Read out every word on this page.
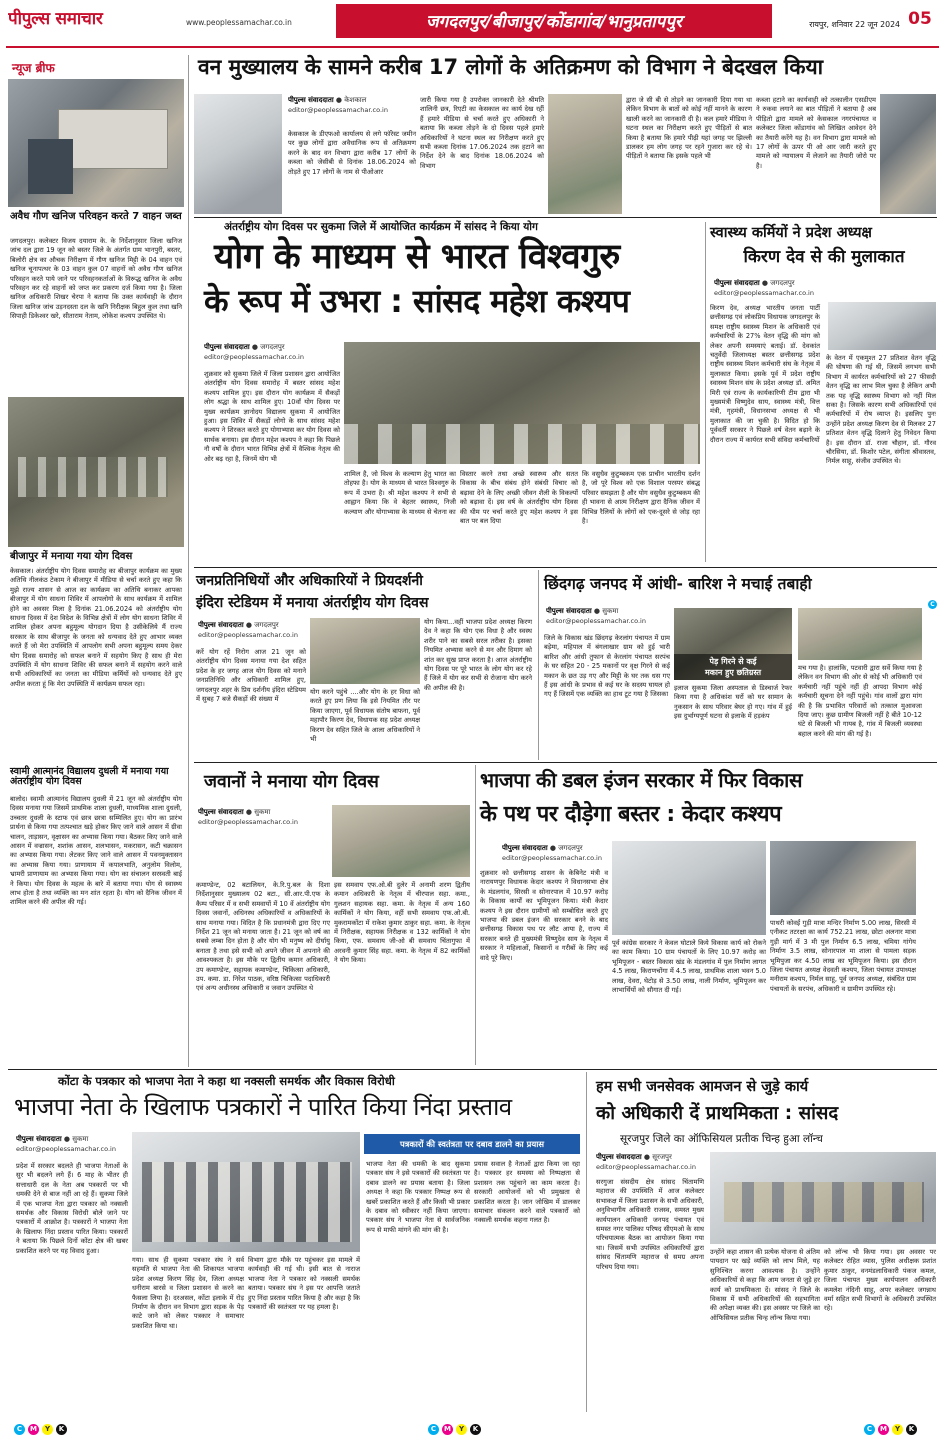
पीपुल्स समाचार	www.peoplessamachar.co.in	जगदलपुर/बीजापुर/कोंडागांव/भानुप्रतापपुर	रायपुर, शनिवार 22 जून 2024 05
न्यूज ब्रीफ
अवैध गौण खनिज परिवहन करते 7 वाहन जब्त
जगदलपुर। कलेक्टर विजय दयाराम के. के निर्देशानुसार जिला खनिज जांच दल द्वारा 19 जून को बस्तर जिले के अंतर्गत ग्राम भानपुरी, बस्तर, बिलोरी क्षेत्र का औचक निरीक्षण में गौण खनिज मिट्टी के 04 वाहन एवं खनिज चूनापत्थर के 03 वाहन कुल 07 वाहनों को अवैध गौण खनिज परिवहन करते पाये जाने पर परिवहनकर्ताओं के विरूद्ध खनिज के अवैध परिवहन कर रहे वाहनों को जप्त कर प्रकरण दर्ज किया गया है। जिला खनिज अधिकारी शिखर चेरपा ने बताया कि उक्त कार्यवाही के दौरान जिला खनिज जांच उड़नदस्ता दल के खनि निरीक्षक बिहुल कुल तथा खनि सिपाही डिकेश्वर खरे, सीताराम नेताम, लोकेश कश्यप उपस्थित थे।
बीजापुर में मनाया गया योग दिवस
केसकाल। अंतर्राष्ट्रीय योग दिवस समारोह का बीजापुर कार्यक्रम का मुख्य अतिथि नीलकंठ टेकाम ने बीजापुर में मीडिया से चर्चा करते हुए कहा कि मुझे राज्य शासन से आज का कार्यक्रम का अतिथि बनाकर आपका बीजापुर में योग साधना शिविर में आपलोगो के साथ कार्यक्रम में शामिल होने का अवसर मिला है दिनांक 21.06.2024 को अंतर्राष्ट्रीय योग साधना दिवस में देश विदेश के विभिन्न क्षेत्रों में लोग योग साधना शिविर में शामिल होकर अपना बहुमूल्य योगदान दिया है उसीकेलिये मैं राज्य सरकार के साथ बीजापुर के जनता को धन्यवाद देते हुए आभार व्यक्त करते हैं जो मेरा उपस्थिति में आपलोग सभी अपना बहुमूल्य समय देकर योग दिवस समारोह को सफल बनाने में सहयोग किए है साथ ही मेरा उपस्थिति में योग साधना शिविर की सफल बनाने में सहयोग करने वाले सभी अधिकारियों का जनता का मीडिया कर्मियों को धन्यवाद देते हुए अपील करता हूं कि मेरा उपस्थिति में कार्यक्रम सफल रहा।
स्वामी आत्मानंद विद्यालय दुधली में मनाया गया अंतर्राष्ट्रीय योग दिवस
बालोद। स्वामी आत्मानंद विद्यालय दुधली में 21 जून को अंतर्राष्ट्रीय योग दिवस मनाया गया जिसमें प्राथमिक शाला दुधली, माध्यमिक शाला दुधली, उच्चतर दुधली के स्टाफ एवं छात्र छात्रा सम्मिलित हुए। योग का प्रारंभ प्रार्थना से किया गया तत्पश्चात खड़े होकर किए जाने वाले आसन में ग्रीवा चालन, ताड़ासन, वृक्षासन का अभ्यास किया गया। बैठकर किए जाने वाले आसन में वज्रासन, शशांक आसन, शलभासन, मकरासन, कटी चक्रासन का अभ्यास किया गया। लेटकर किए जाने वाले आसन में पवनमुक्तासन का अभ्यास किया गया। प्राणायाम में कपालभाति, अनुलोम विलोम, भ्रामरी प्राणायाम का अभ्यास किया गया। योग का संचालन सरस्वती बाई ने किया। योग दिवस के महत्व के बारे में बताया गया। योग से स्वास्थ्य लाभ होता है तथा व्यक्ति का मन शांत रहता है। योग को दैनिक जीवन में शामिल करने की अपील की गई।
वन मुख्यालय के सामने करीब 17 लोगों के अतिक्रमण को विभाग ने बेदखल किया
पीपुल्स संवाददाता ● केशकाल
editor@peoplessamachar.co.in
केसकाल के डीएफओ कार्यालय से लगे फॉरेस्ट जमीन पर कुछ लोगों द्वारा अवैधानिक रूप से अतिक्रमण करने के बाद वन विभाग द्वारा करीब 17 लोगों के कब्जा को जेसीबी से दिनांक 18.06.2024 को तोड़ते हुए 17 लोगों के नाम से पीओआर
जारी किया गया है उपरोक्त जानकारी देते श्रीमति शालिनी छत्र, रिएटी का केसकाल का कार्य देख रहीं हैं हमारे मीडिया से चर्चा करते हुए अधिकारी ने बताया कि कब्जा तोड़ने के दो दिवस पहले हमारे अधिकारियों ने घटना स्थल का निरीक्षण करते हुए सभी कब्जा दिनांक 17.06.2024 तक हटाने का निर्देश देने के बाद दिनांक 18.06.2024 को विभाग
द्वारा जे सी बी से तोड़ने का जानकारी दिया गया था लेकिन विभाग के बातों को कोई नहीं मानने के कारण खाली करने का जानकारी दी है। कल हमारे मीडिया ने घटना स्थल का निरीक्षण करते हुए पीड़ितों से बात किया है बताया कि हमारे पीढ़ी यहां जगह पर झिल्ली डालकर हम लोग जगह पर रहने गुजारा कर रहे थे। पीड़ितों ने बताया कि इसके पहले भी
कब्जा हटाने का कार्यवाही को तत्कालीन एसडीएम ने रुकवा लगाने का बात पीड़ितों ने बताया है अब पीड़ितो द्वारा मामले को केसकाल नगरपंचायत व कलेक्टर जिला कोंडागांव को लिखित आवेदन देने का तैयारी करेंगे यह है। वन विभाग द्वारा मामले को 17 लोगों के ऊपर पी ओ आर जारी करते हुए मामले को न्यायालय में लेजाने का तैयारी जोरो पर है।
अंतर्राष्ट्रीय योग दिवस पर सुकमा जिले में आयोजित कार्यक्रम में सांसद ने किया योग
योग के माध्यम से भारत विश्वगुरु
के रूप में उभरा : सांसद महेश कश्यप
पीपुल्स संवाददाता ● जगदलपुर
editor@peoplessamachar.co.in
शुक्रवार को सुकमा जिले में जिला प्रशासन द्वारा आयोजित अंतर्राष्ट्रीय योग दिवस समारोह में बस्तर सांसद महेश कश्यप शामिल हुए। इस दौरान योग कार्यक्रम में सैकड़ों लोग श्रद्धा के साथ शामिल हुए। 10वाँ योग दिवस पर मुख्य कार्यक्रम ज्ञानोदय विद्यालय सुकमा में आयोजित हुआ। इस शिविर में सैकड़ों लोगो के साथ सांसद महेश कश्यप ने शिरकत करते हुए योगाभ्यास कर योग दिवस को सार्थक बनाया। इस दौरान महेश कश्यप ने कहा कि पिछले नौ वर्षों के दौरान भारत विभिन्न क्षेत्रों में वैश्विक नेतृत्व की ओर बढ़ रहा है, जिनमें योग भी
शामिल है, जो विश्व के कल्याण हेतु भारत का तोहफा है। योग के माध्यम से भारत विश्वगुरु के रूप में उभरा है। श्री महेश कश्यप ने सभी से आह्वान किया कि वे बेहतर स्वास्थ्य, निजी कल्याण और योगाभ्यास के माध्यम से चेतना का
विस्तार करने तथा अच्छे स्वास्थ्य और सतत विकास के बीच संबंध होने संबंधी विचार को बढ़ावा देने के लिए अच्छी जीवन शैली के विकल्पों को बढ़ावा दें। इस वर्ष के अंतर्राष्ट्रीय योग दिवस की थीम पर चर्चा करते हुए महेश कश्यप ने इस बात पर बल दिया
कि वसुधैव कुटुम्बकम एक प्राचीन भारतीय दर्शन है, जो पूरे विश्व को एक विशाल परस्पर संबद्ध परिवार समझता है और योग वसुधैव कुटुम्बकम की ही भावना से आत्म निरीक्षण द्वारा दैनिक जीवन में विभिन्न रैलियों के लोगों को एक-दूसरे से जोड़ रहा है।
स्वास्थ्य कर्मियों ने प्रदेश अध्यक्ष
किरण देव से की मुलाकात
पीपुल्स संवाददाता ● जगदलपुर
editor@peoplessamachar.co.in
किरण देव, अध्यक्ष भारतीय जनता पार्टी छत्तीसगढ़ एवं लोकप्रिय विधायक जगदलपुर के समक्ष राष्ट्रीय स्वास्थ्य मिशन के अधिकारी एवं कर्मचारियों के 27% वेतन वृद्धि की मांग को लेकर अपनी समस्याएं बताई। डॉ. देवकांत चतुर्वेदी जिलाध्यक्ष बस्तर छत्तीसगढ़ प्रदेश राष्ट्रीय स्वास्थ्य मिशन कर्मचारी संघ के नेतृत्व में मुलाकात किया। इसके पूर्व में प्रदेश राष्ट्रीय स्वास्थ्य मिशन संघ के प्रदेश अध्यक्ष डॉ. अमित मिरी एवं राज्य के कार्यकारिणी टीम द्वारा भी मुख्यमंत्री विष्णुदेव साय, स्वास्थ्य मंत्री, वित्त मंत्री, गृहमंत्री, विधानसभा अध्यक्ष से भी मुलाकात की जा चुकी है। विदित हो कि पूर्ववर्ती सरकार ने पिछले वर्ष वेतन बढ़ाने के दौरान राज्य में कार्यरत सभी संविदा कर्मचारियों
के वेतन में एकमुश्त 27 प्रतिशत वेतन वृद्धि की घोषणा की गई थी, जिसमें लगभग सभी विभाग में कार्यरत कर्मचारियों को 27 फीसदी वेतन वृद्धि का लाभ मिल चुका है लेकिन अभी तक यह वृद्धि स्वास्थ्य विभाग को नहीं मिल सका है। जिसके कारण सभी अधिकारियों एवं कर्मचारियों में रोष व्याप्त है। इसलिए पुनः उन्होंने प्रदेश अध्यक्ष किरण देव से मिलकर 27 प्रतिशत वेतन वृद्धि दिलाने हेतु निवेदन किया है। इस दौरान डॉ. राजा चौहान, डॉ. गौरव चौरसिया, डॉ. किशोर पटेल, संगीता श्रीवास्तव, निर्मल साहू, संजीव उपस्थित थे।
जनप्रतिनिधियों और अधिकारियों ने प्रियदर्शनी
इंदिरा स्टेडियम में मनाया अंतर्राष्ट्रीय योग दिवस
पीपुल्स संवाददाता ● जगदलपुर
editor@peoplessamachar.co.in
करें योग रहें निरोग आज 21 जून को अंतर्राष्ट्रीय योग दिवस मनाया गया देश सहित प्रदेश के हर जगह आज योग दिवस को मनाने जनप्रतिनिधि और अधिकारी शामिल हुए, जगदलपुर शहर के प्रिय दर्शनीय इंदिरा स्टेडियम में सुबह 7 बजे सैकड़ों की संख्या में
योग करने पहुंचे ....और योग के हर विधा को करते हुए प्रण लिया कि इसे नियमित तौर पर किया जाएगा, पूर्व विधायक संतोष बाफना, पूर्व महापौर किरण देव, विधायक सह प्रदेश अध्यक्ष किरण देव सहित जिले के आला अधिकारियों ने भी
योग किया...वहीं भाजपा प्रदेश अध्यक्ष किरण देव ने कहा कि योग एक विधा है और स्वस्थ शरीर पाने का सबसे सरल तरीका है। इसका नियमित अभ्यास करने से मन और दिमाग को शांत कर सुख प्राप्त करता है। आज अंतर्राष्ट्रीय योग दिवस पर पूरे भारत के लोग योग कर रहे हैं जिले में योग कर सभी से रोजाना योग करने की अपील की है।
छिंदगढ़ जनपद में आंधी- बारिश ने मचाई तबाही
पीपुल्स संवाददाता ● सुकमा
editor@peoplessamachar.co.in
जिले के विकास खंड छिंदगढ़ केरलांग पंचायत में ग्राम बड़ेमा, महिपाल में बंगलाखार ग्राम को हुई भारी बारिश और आंधी तुफान से केरलांग पंचायत सरपंच के घर सहित 20 - 25 मकानों पर वृक्ष गिरने से कई मकान के छत उड़ गए और मिट्टी के घर तक धस गए हैं इस आंधी के प्रभाव से कई घर के सदस्य घायल हो गए हैं जिसमें एक व्यक्ति का हाथ टूट गया है जिसका
पेड़ गिरने से कई
मकान हुए छतिग्रस्त
इलाज सुकमा जिला अस्पताल से डिस्चार्ज रेफर किया गया है अधिकांश घरों को घर सामान के नुकसान के साथ परिवार बेघर हो गए। गांव में हुई इस दुर्भाग्यपूर्ण घटना से इलाके में हड़कंप
मच गया है। हालांकि, पटवारी द्वारा सर्वे किया गया है लेकिन वन विभाग की ओर से कोई भी अधिकारी एवं कर्मचारी नहीं पहुंचे नहीं ही आपदा विभाग कोई कर्मचारी सूचना देने नहीं पहुंचे। गांव वालों द्वारा मांग की है कि प्रभावित परिवारों को तत्काल मुआवजा दिया जाए। कुछ ग्रामीण बिजली नहीं है बीते 10-12 घंटे से बिजली भी गायब है, गांव में बिजली व्यवस्था बहाल करने की मांग की गई है।
C
जवानों ने मनाया योग दिवस
पीपुल्स संवाददाता ● सुकमा
editor@peoplessamachar.co.in
कमाण्डेन्ट, 02 बटालियन, के.रि.पु.बल के दिशा निर्देशानुसार मुख्यालय 02 बटा., सी.आर.पी.एफ के कैम्प परिसर में व सभी समवायों में 10 वें अंतर्राष्ट्रीय योग दिवस जवानों, अधिनस्थ अधिकारियों व अधिकारियों के साथ मनाया गया। विदित है कि प्रधानमंत्री द्वारा दिए गए निर्देश 21 जून को मनाया जाता है। 21 जून को वर्ष का सबसे लम्बा दिन होता है और योग भी मनुष्य को दीर्घायु बनाता है तथा इसे सभी को अपने जीवन में अपनाने की आवश्यकता है। इस मौके पर द्वितीय कमान अधिकारी, उप कमाण्डेन्ट, सहायक कमाण्डेन्ट, चिकित्सा अधिकारी, उप. कमा. डा. निरेश पाठक, वरिष्ठ चिकित्सा पदाधिकारी एवं अन्य अधीनस्थ अधिकारी व जवान उपस्थित थे
इस समवाय एफ.ओ.बी दुलेर में अनामी शरण द्वितीय कमान अधिकारी के नेतृत्व में चीरपाल सहा. कमा., गुलशन सहायक सहा. कमा. के नेतृत्व में अन्य 160 कार्मिकों ने योग किया, वहीं सभी समवाय एफ.ओ.बी. मुकरामकोंटा में राकेश कुमार ठाकुर सहा. कमा. के नेतृत्व में निरीक्षक, सहायक निरीक्षक व 132 कार्मिकों ने योग किया, एफ. समवाय जी-ओ बी समवाय चिंतागुफा में अरवनी कुमार सिंह सहा. कमा. के नेतृत्व में 82 कार्मिकों ने योग किया।
भाजपा की डबल इंजन सरकार में फिर विकास
के पथ पर दौड़ेगा बस्तर : केदार कश्यप
पीपुल्स संवाददाता ● जगदलपुर
editor@peoplessamachar.co.in
शुक्रवार को छत्तीसगढ़ शासन के केबिनेट मंत्री व नारायणपुर विधायक केदार कश्यप ने विधानसभा क्षेत्र के मंडलगांव, सिरसी व सोनारपाल में 10.97 करोड़ के विकास कार्यों का भूमिपूजन किया। मंत्री केदार कश्यप ने इस दौरान ग्रामीणों को सम्बोधित करते हुए भाजपा की डबल इंजन की सरकार बनने के बाद छत्तीसगढ़ विकास पथ पर लौट आया है, राज्य में सरकार बनते ही मुख्यमंत्री विष्णुदेव साय के नेतृत्व में सरकार ने महिलाओं, किसानों व गरीबों के लिए कई वादे पूरे किए।
पूर्व कांग्रेस सरकार ने केवल घोटाले किये विकास कार्य को रोकने का काम किया। 10 ग्राम पंचायतों के लिए 10.97 करोड़ का भूमिपूजन - बस्तर विकास खंड के मंडलगांव में पुल निर्माण लागत 4.5 लाख, किराणचोंगा में 4.5 लाख, प्राथमिक शाला भवन 5.0 लाख, देवरा, घेटोड़ से 3.50 लाख, नाली निर्माण, भूमिपूजन कर लाभार्थियों को सौगात दी गई।
पाथरी कोवईं गुड़ी मात्रा मन्दिर निर्माण 5.00 लाख, सिरसी में एनीकट तटरक्षा का कार्य 752.21 लाख, छोटा अलनार मात्रा गुड़ी मार्ग में 3 मी पुल निर्माण 6.5 लाख, चमिया गांगेय निर्माण 3.5 लाख, सोनारपाल मा शाला से पामला सड़क भूमिपुजा कर 4.50 लाख का भूमिपूजन किया। इस दौरान जिला पंचायत अध्यक्ष वेदवती कश्यप, जिला पंचायत उपाध्यक्ष मनीराम कश्यप, निर्मल साहू, पूर्व जनपद अध्यक्ष, संबंधित ग्राम पंचायतों के सरपंच, अधिकारी व ग्रामीण उपस्थित रहे।
कोंटा के पत्रकार को भाजपा नेता ने कहा था नक्सली समर्थक और विकास विरोधी
भाजपा नेता के खिलाफ पत्रकारों ने पारित किया निंदा प्रस्ताव
पीपुल्स संवाददाता ● सुकमा
editor@peoplessamachar.co.in
प्रदेश में सरकार बदलते ही भाजपा नेताओं के सुर भी बदलने लगे हैं। 6 माह के भीतर ही सत्ताधारी दल के नेता अब पत्रकारों पर भी धमकी देने से बाज नहीं आ रहे हैं। सुकमा जिले में एक भाजपा नेता द्वारा पत्रकार को नक्सली समर्थक और विकास विरोधी बोले जाने पर पत्रकारों में आक्रोश है। पत्रकारों ने भाजपा नेता के खिलाफ निंदा प्रस्ताव पारित किया। पत्रकारों ने बताया कि पिछले दिनों कोंटा क्षेत्र की खबर प्रकाशित करने पर यह विवाद हुआ।
गया। साथ ही सुकमा पत्रकार संघ ने सर्व सहमति से भाजपा नेता की शिकायत भाजपा प्रदेश अध्यक्ष किरण सिंह देव, जिला अध्यक्ष धनीराम बारसे व जिला प्रशासन से करने का फैसला लिया है। दरअसल, कोंटा इलाके में रोड़ निर्माण के दौरान वन विभाग द्वारा सड़क के पेड़ काटे जाने को लेकर पत्रकार ने समाचार प्रकाशित किया था।
विभाग द्वारा मौके पर पहुंचकर इस मामले में कार्यवाही की गई थी। इसी बात से नाराज भाजपा नेता ने पत्रकार को नक्सली समर्थक बताया। पत्रकार संघ ने इस पर आपत्ति जताते हुए निंदा प्रस्ताव पारित किया है और कहा है कि पत्रकारों की स्वतंत्रता पर यह हमला है।
पत्रकारों की स्वतंत्रता पर दबाव डालने का प्रयास
भाजपा नेता की धमकी के बाद सुकमा पत्रकार संघ ने इसे पत्रकारों की स्वतंत्रता पर दबाव डालने का प्रयास बताया है। जिला अध्यक्ष ने कहा कि पत्रकार निष्पक्ष रूप से खबरें प्रकाशित करते हैं और किसी भी प्रकार के दबाव को स्वीकार नहीं किया जाएगा। पत्रकार संघ ने भाजपा नेता से सार्वजनिक रूप से माफी मांगने की मांग की है।
प्रयास सवाल है नेताओं द्वारा किया जा रहा है। पत्रकार हर समस्या को निष्पक्षता से प्रशासन तक पहुंचाने का काम करता है। सरकारी आयोजनों को भी प्रमुखता से प्रकाशित करता है। जान जोखिम में डालकर समाचार संकलन करने वाले पत्रकारों को नक्सली समर्थक कहना गलत है।
हम सभी जनसेवक आमजन से जुड़े कार्य
को अधिकारी दें प्राथमिकता : सांसद
सूरजपुर जिले का ऑफिसियल प्रतीक चिन्ह हुआ लॉन्च
पीपुल्स संवाददाता ● सूरजपुर
editor@peoplessamachar.co.in
सरगुजा संसदीय क्षेत्र सांसद चिंतामणि महाराज की उपस्थिति में आज कलेक्टर सभाकक्ष में जिला प्रशासन के सभी अधिकारी, अनुविभागीय अधिकारी राजस्व, समस्त मुख्य कार्यपालन अधिकारी जनपद पंचायत एवं समस्त नगर पालिका परिषद सीएमओ के साथ परिचयात्मक बैठक का आयोजन किया गया था। जिसमें सभी उपस्थित अधिकारियों द्वारा सांसद चिंतामणि महाराज से समग्र अपना परिचय दिया गया।
उन्होंने कहा शासन की प्रत्येक योजना से अंतिम पायदान पर खड़े व्यक्ति को लाभ मिले, यह सुनिश्चित करना आवश्यक है। उन्होंने अधिकारियों से कहा कि आम जनता से जुड़े हर कार्य को प्राथमिकता दें। सांसद ने जिले के विकास में सभी अधिकारियों की सहभागिता की अपेक्षा व्यक्त की। इस अवसर पर जिले का ऑफिसियल प्रतीक चिन्ह लॉन्च किया गया।
को लॉन्च भी किया गया। इस अवसर पर कलेक्टर रोहित व्यास, पुलिस अधीक्षक प्रशांत कुमार ठाकुर, वनमंडलाधिकारी पंकज कमल, जिला पंचायत मुख्य कार्यपालन अधिकारी कमलेश नंदिनी साहू, अपर कलेक्टर जगन्नाथ वर्मा सहित सभी विभागों के अधिकारी उपस्थित रहे।
C	M	Y	K	C	M	Y	K	C	M	Y	K
